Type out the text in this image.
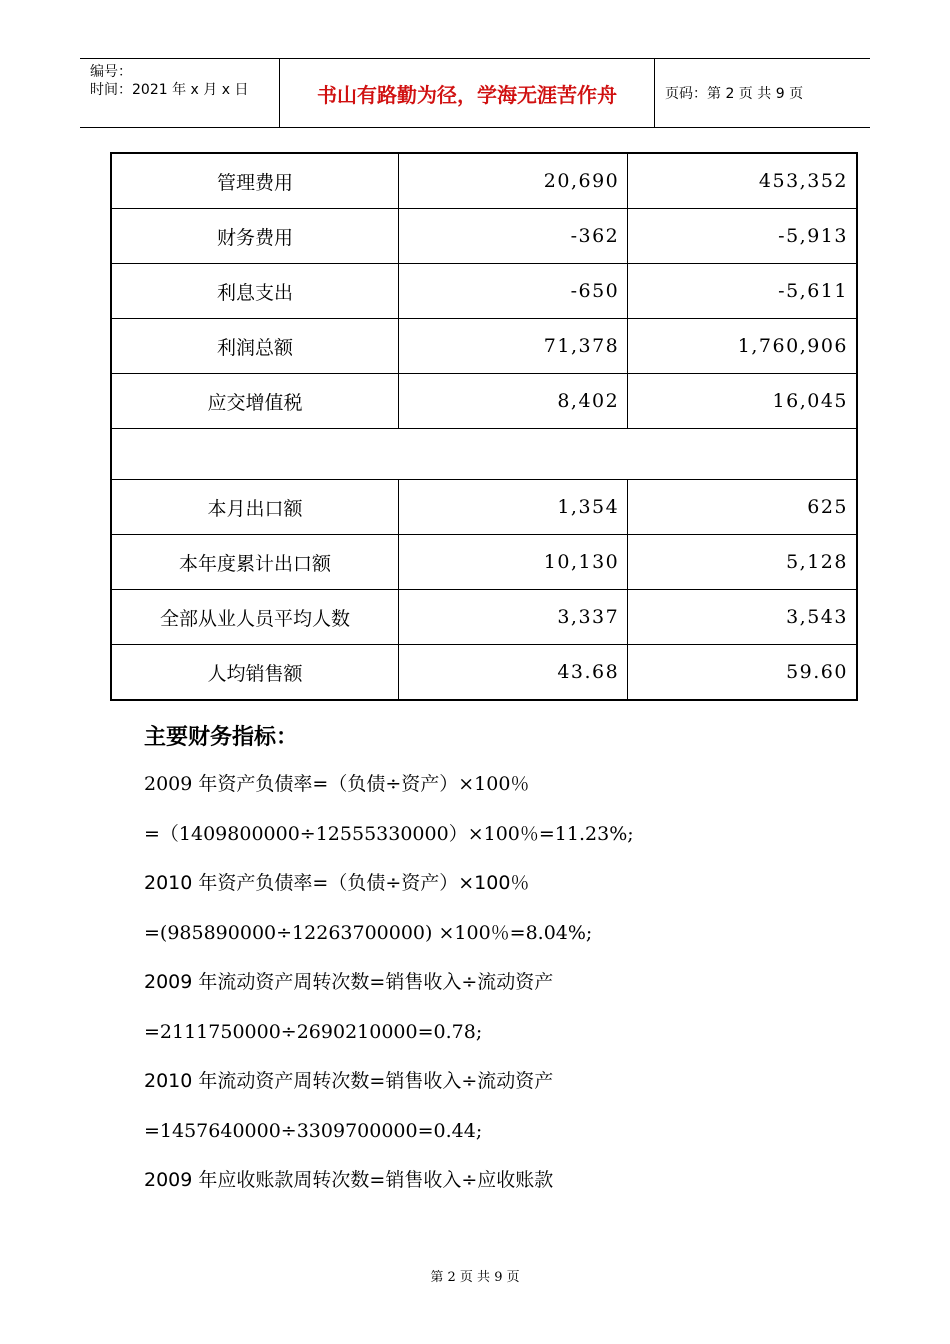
编号：
时间：2021 年 x 月 x 日	书山有路勤为径，学海无涯苦作舟	页码：第 2 页 共 9 页
管理费用	20,690	453,352
财务费用	-362	-5,913
利息支出	-650	-5,611
利润总额	71,378	1,760,906
应交增值税	8,402	16,045

本月出口额	1,354	625
本年度累计出口额	10,130	5,128
全部从业人员平均人数	3,337	3,543
人均销售额	43.68	59.60
主要财务指标：
2009 年资产负债率=（负债÷资产）×100％
=（1409800000÷12555330000）×100％=11.23%;
2010 年资产负债率=（负债÷资产）×100％
=(985890000÷12263700000) ×100％=8.04%;
2009 年流动资产周转次数=销售收入÷流动资产
=2111750000÷2690210000=0.78;
2010 年流动资产周转次数=销售收入÷流动资产
=1457640000÷3309700000=0.44;
2009 年应收账款周转次数=销售收入÷应收账款
第 2 页 共 9 页
